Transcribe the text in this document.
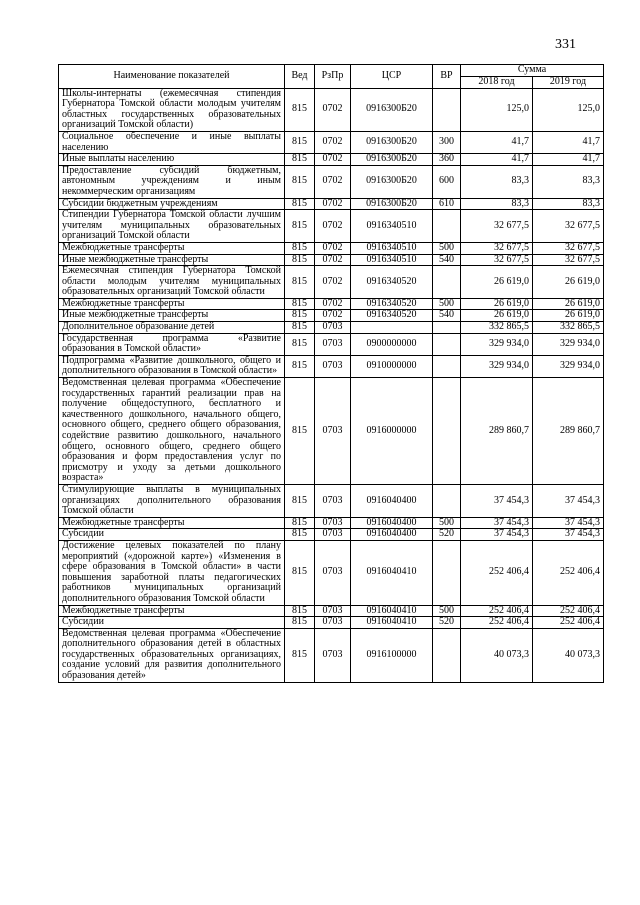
331
Наименование показателей	Вед	РзПр	ЦСР	ВР	Сумма	
					2018 год	2019 год
Школы-интернаты (ежемесячная стипендия Губернатора Томской области молодым учителям областных государственных образовательных организаций Томской области)	815	0702	0916300Б20		125,0	125,0
Социальное обеспечение и иные выплаты населению	815	0702	0916300Б20	300	41,7	41,7
Иные выплаты населению	815	0702	0916300Б20	360	41,7	41,7
Предоставление субсидий бюджетным, автономным учреждениям и иным некоммерческим организациям	815	0702	0916300Б20	600	83,3	83,3
Субсидии бюджетным учреждениям	815	0702	0916300Б20	610	83,3	83,3
Стипендии Губернатора Томской области лучшим учителям муниципальных образовательных организаций Томской области	815	0702	0916340510		32 677,5	32 677,5
Межбюджетные трансферты	815	0702	0916340510	500	32 677,5	32 677,5
Иные межбюджетные трансферты	815	0702	0916340510	540	32 677,5	32 677,5
Ежемесячная стипендия Губернатора Томской области молодым учителям муниципальных образовательных организаций Томской области	815	0702	0916340520		26 619,0	26 619,0
Межбюджетные трансферты	815	0702	0916340520	500	26 619,0	26 619,0
Иные межбюджетные трансферты	815	0702	0916340520	540	26 619,0	26 619,0
Дополнительное образование детей	815	0703			332 865,5	332 865,5
Государственная программа «Развитие образования в Томской области»	815	0703	0900000000		329 934,0	329 934,0
Подпрограмма «Развитие дошкольного, общего и дополнительного образования в Томской области»	815	0703	0910000000		329 934,0	329 934,0
Ведомственная целевая программа «Обеспечение государственных гарантий реализации прав на получение общедоступного, бесплатного и качественного дошкольного, начального общего, основного общего, среднего общего образования, содействие развитию дошкольного, начального общего, основного общего, среднего общего образования и форм предоставления услуг по присмотру и уходу за детьми дошкольного возраста»	815	0703	0916000000		289 860,7	289 860,7
Стимулирующие выплаты в муниципальных организациях дополнительного образования Томской области	815	0703	0916040400		37 454,3	37 454,3
Межбюджетные трансферты	815	0703	0916040400	500	37 454,3	37 454,3
Субсидии	815	0703	0916040400	520	37 454,3	37 454,3
Достижение целевых показателей по плану мероприятий («дорожной карте») «Изменения в сфере образования в Томской области» в части повышения заработной платы педагогических работников муниципальных организаций дополнительного образования Томской области	815	0703	0916040410		252 406,4	252 406,4
Межбюджетные трансферты	815	0703	0916040410	500	252 406,4	252 406,4
Субсидии	815	0703	0916040410	520	252 406,4	252 406,4
Ведомственная целевая программа «Обеспечение дополнительного образования детей в областных государственных образовательных организациях, создание условий для развития дополнительного образования детей»	815	0703	0916100000		40 073,3	40 073,3
